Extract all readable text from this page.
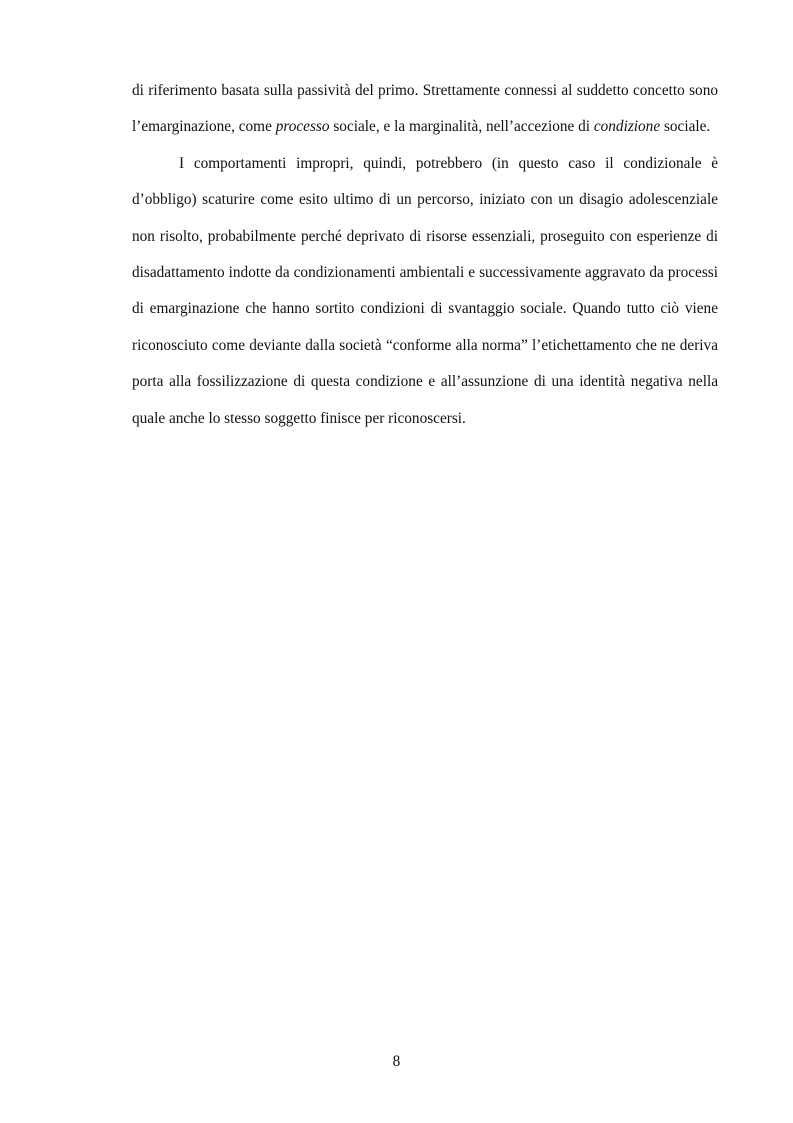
di riferimento basata sulla passività del primo. Strettamente connessi al suddetto concetto sono l’emarginazione, come processo sociale, e la marginalità, nell’accezione di condizione sociale.

I comportamenti impropri, quindi, potrebbero (in questo caso il condizionale è d’obbligo) scaturire come esito ultimo di un percorso, iniziato con un disagio adolescenziale non risolto, probabilmente perché deprivato di risorse essenziali, proseguito con esperienze di disadattamento indotte da condizionamenti ambientali e successivamente aggravato da processi di emarginazione che hanno sortito condizioni di svantaggio sociale. Quando tutto ciò viene riconosciuto come deviante dalla società “conforme alla norma” l’etichettamento che ne deriva porta alla fossilizzazione di questa condizione e all’assunzione di una identità negativa nella quale anche lo stesso soggetto finisce per riconoscersi.

8
